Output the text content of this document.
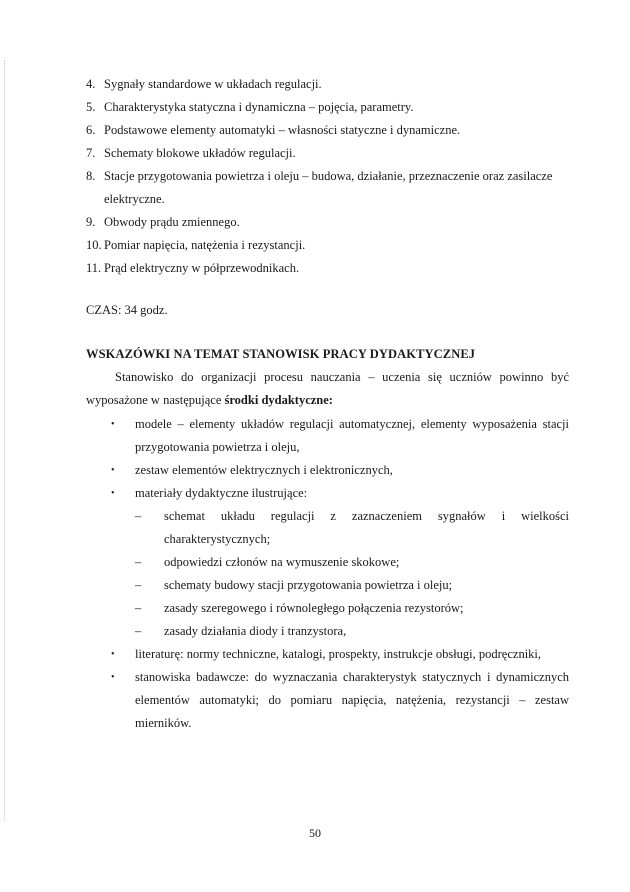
4. Sygnały standardowe w układach regulacji.
5. Charakterystyka statyczna i dynamiczna – pojęcia, parametry.
6. Podstawowe elementy automatyki – własności statyczne i dynamiczne.
7. Schematy blokowe układów regulacji.
8. Stacje przygotowania powietrza i oleju – budowa, działanie, przeznaczenie oraz zasilacze elektryczne.
9. Obwody prądu zmiennego.
10. Pomiar napięcia, natężenia i rezystancji.
11. Prąd elektryczny w półprzewodnikach.
CZAS: 34 godz.
WSKAZÓWKI NA TEMAT STANOWISK PRACY DYDAKTYCZNEJ
Stanowisko do organizacji procesu nauczania – uczenia się uczniów powinno być
wyposażone w następujące środki dydaktyczne:
•	modele – elementy układów regulacji automatycznej, elementy wyposażenia stacji przygotowania powietrza i oleju,
•	zestaw elementów elektrycznych i elektronicznych,
•	materiały dydaktyczne ilustrujące:
–	schemat układu regulacji z zaznaczeniem sygnałów i wielkości charakterystycznych;
–	odpowiedzi członów na wymuszenie skokowe;
–	schematy budowy stacji przygotowania powietrza i oleju;
–	zasady szeregowego i równoległego połączenia rezystorów;
–	zasady działania diody i tranzystora,
•	literaturę: normy techniczne, katalogi, prospekty, instrukcje obsługi, podręczniki,
•	stanowiska badawcze: do wyznaczania charakterystyk statycznych i dynamicznych elementów automatyki; do pomiaru napięcia, natężenia, rezystancji – zestaw mierników.
50
